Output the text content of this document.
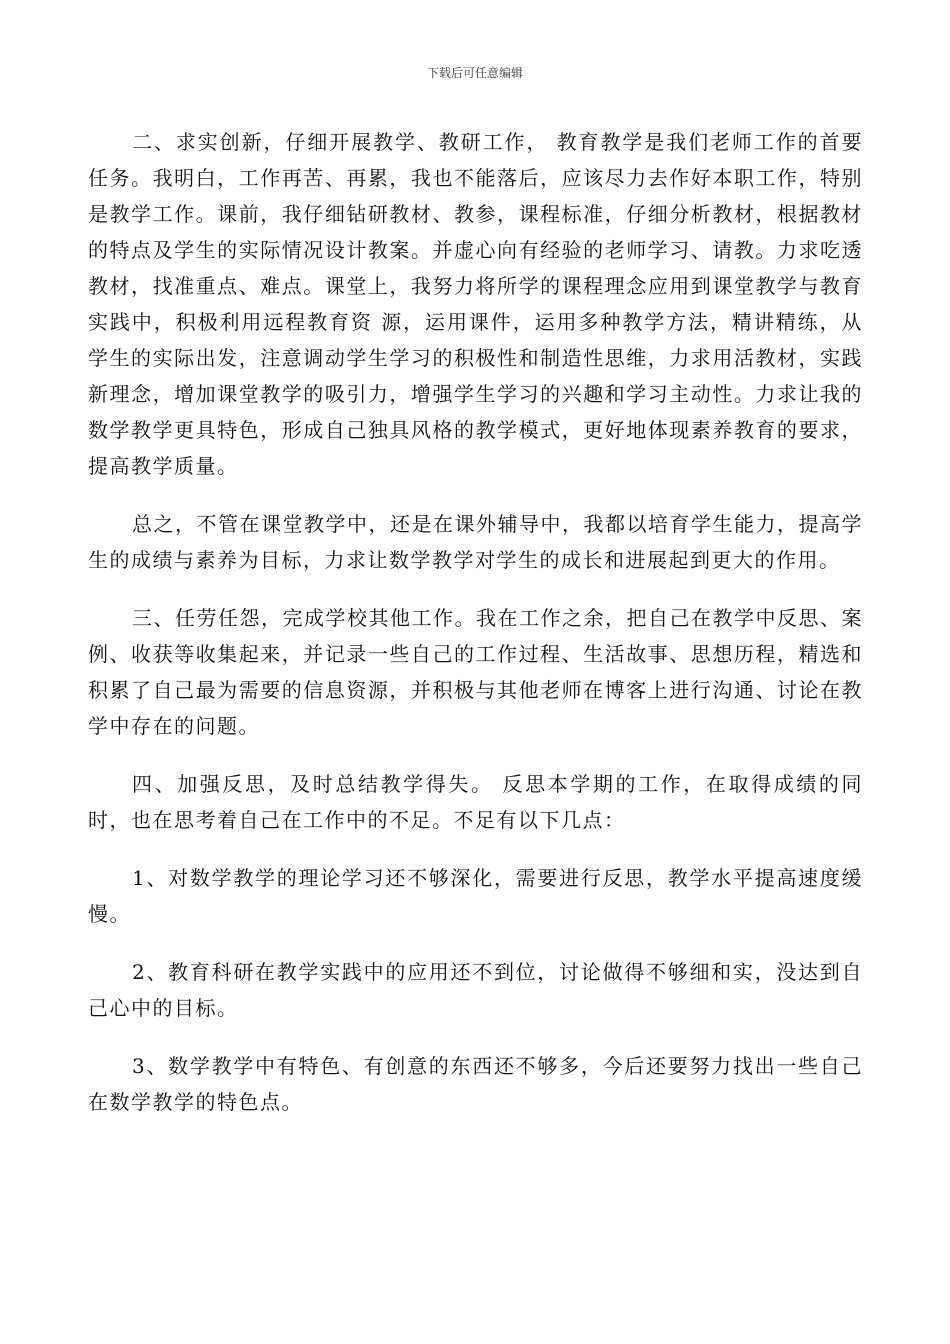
下载后可任意编辑

二、求实创新，仔细开展教学、教研工作， 教育教学是我们老师工作的首要任务。我明白，工作再苦、再累，我也不能落后，应该尽力去作好本职工作，特别是教学工作。课前，我仔细钻研教材、教参，课程标准，仔细分析教材，根据教材的特点及学生的实际情况设计教案。并虚心向有经验的老师学习、请教。力求吃透教材，找准重点、难点。课堂上，我努力将所学的课程理念应用到课堂教学与教育实践中，积极利用远程教育资 源，运用课件，运用多种教学方法，精讲精练，从学生的实际出发，注意调动学生学习的积极性和制造性思维，力求用活教材，实践新理念，增加课堂教学的吸引力，增强学生学习的兴趣和学习主动性。力求让我的数学教学更具特色，形成自己独具风格的教学模式，更好地体现素养教育的要求，提高教学质量。

总之，不管在课堂教学中，还是在课外辅导中，我都以培育学生能力，提高学生的成绩与素养为目标，力求让数学教学对学生的成长和进展起到更大的作用。

三、任劳任怨，完成学校其他工作。我在工作之余，把自己在教学中反思、案例、收获等收集起来，并记录一些自己的工作过程、生活故事、思想历程，精选和积累了自己最为需要的信息资源，并积极与其他老师在博客上进行沟通、讨论在教学中存在的问题。

四、加强反思，及时总结教学得失。 反思本学期的工作，在取得成绩的同时，也在思考着自己在工作中的不足。不足有以下几点：

1、对数学教学的理论学习还不够深化，需要进行反思，教学水平提高速度缓慢。

2、教育科研在教学实践中的应用还不到位，讨论做得不够细和实，没达到自己心中的目标。

3、数学教学中有特色、有创意的东西还不够多，今后还要努力找出一些自己在数学教学的特色点。
